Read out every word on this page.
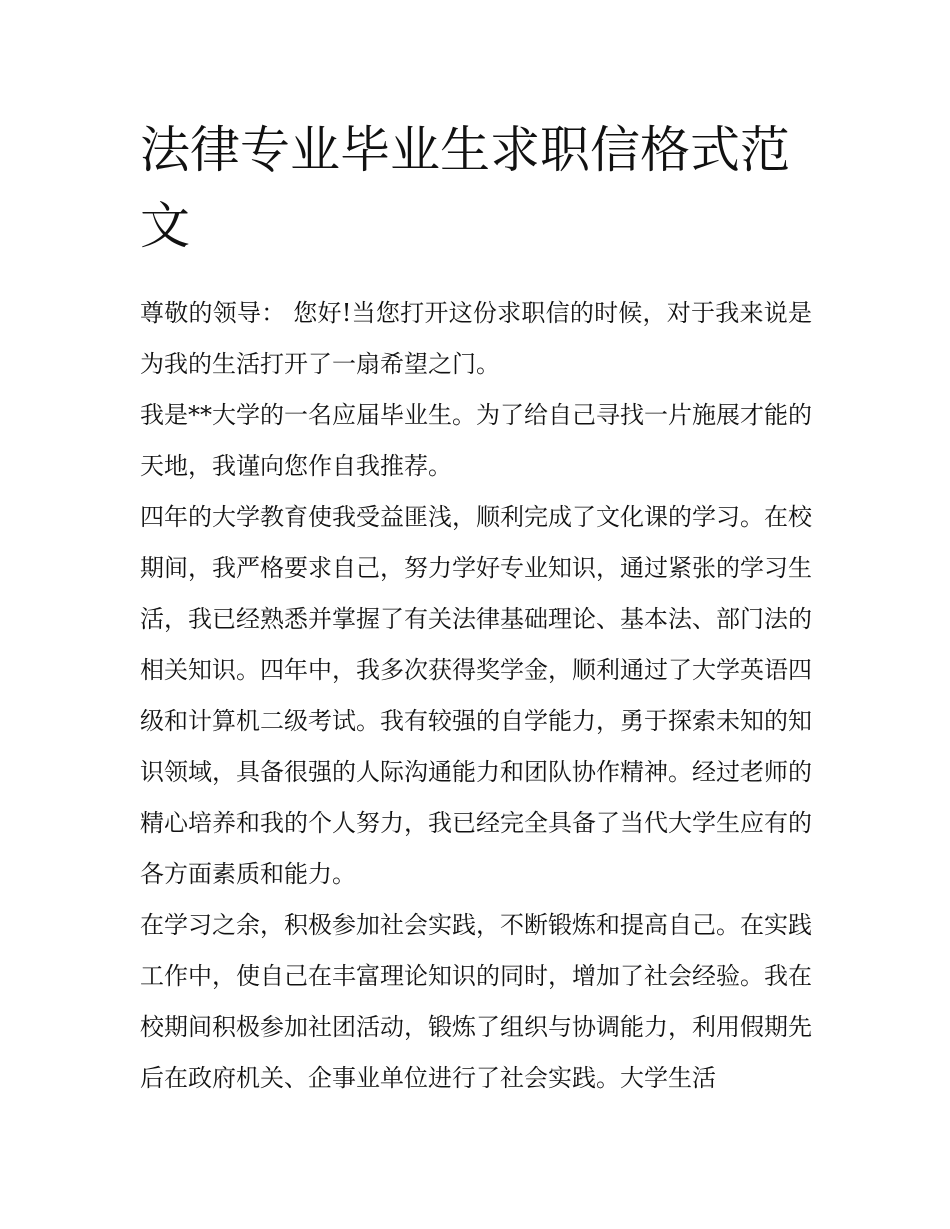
法律专业毕业生求职信格式范文

尊敬的领导： 您好!当您打开这份求职信的时候，对于我来说是为我的生活打开了一扇希望之门。

我是**大学的一名应届毕业生。为了给自己寻找一片施展才能的天地，我谨向您作自我推荐。

四年的大学教育使我受益匪浅，顺利完成了文化课的学习。在校期间，我严格要求自己，努力学好专业知识，通过紧张的学习生活，我已经熟悉并掌握了有关法律基础理论、基本法、部门法的相关知识。四年中，我多次获得奖学金，顺利通过了大学英语四级和计算机二级考试。我有较强的自学能力，勇于探索未知的知识领域，具备很强的人际沟通能力和团队协作精神。经过老师的精心培养和我的个人努力，我已经完全具备了当代大学生应有的各方面素质和能力。

在学习之余，积极参加社会实践，不断锻炼和提高自己。在实践工作中，使自己在丰富理论知识的同时，增加了社会经验。我在校期间积极参加社团活动，锻炼了组织与协调能力，利用假期先后在政府机关、企事业单位进行了社会实践。大学生活
